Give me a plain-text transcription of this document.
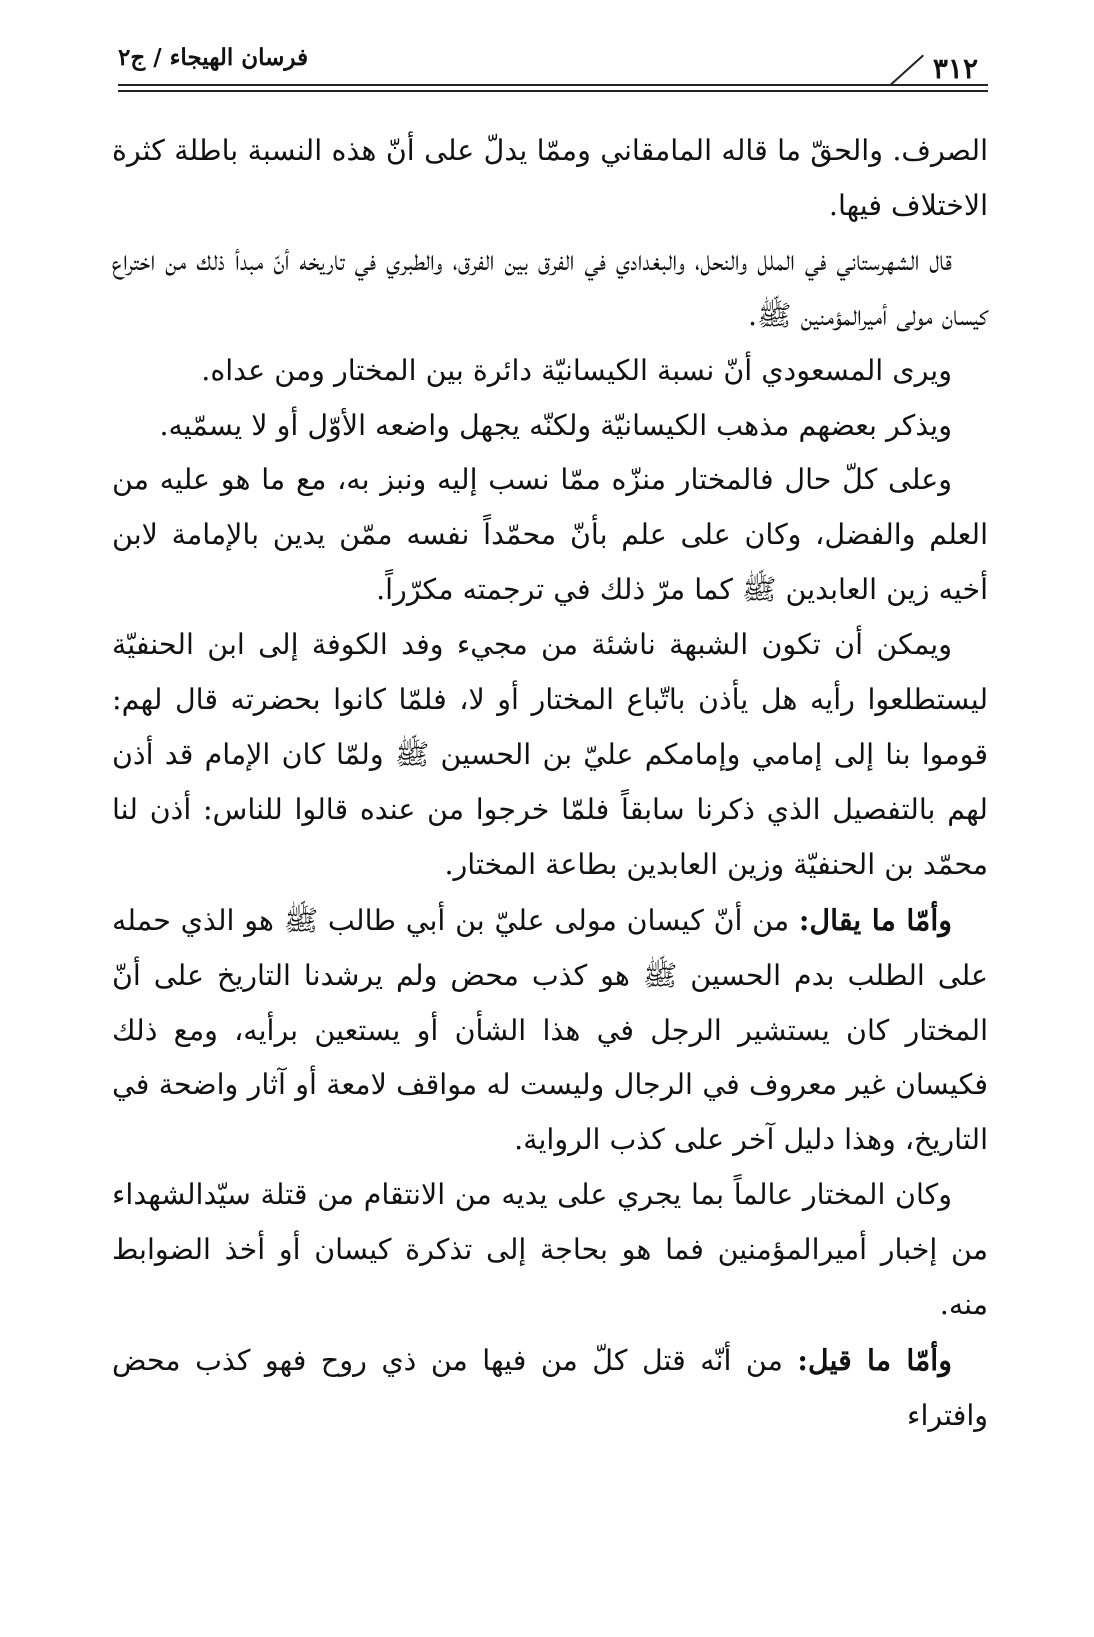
فرسان الهيجاء / ج٢	٣١٢

الصرف. والحقّ ما قاله المامقاني وممّا يدلّ على أنّ هذه النسبة باطلة كثرة الاختلاف فيها.

قال الشهرستاني في الملل والنحل، والبغدادي في الفرق بين الفرق، والطبري في تاريخه أنّ مبدأ ذلك من اختراع كيسان مولى أميرالمؤمنين ﷺ.

ويرى المسعودي أنّ نسبة الكيسانيّة دائرة بين المختار ومن عداه.

ويذكر بعضهم مذهب الكيسانيّة ولكنّه يجهل واضعه الأوّل أو لا يسمّيه.

وعلى كلّ حال فالمختار منزّه ممّا نسب إليه ونبز به، مع ما هو عليه من العلم والفضل، وكان على علم بأنّ محمّداً نفسه ممّن يدين بالإمامة لابن أخيه زين العابدين ﷺ كما مرّ ذلك في ترجمته مكرّراً.

ويمكن أن تكون الشبهة ناشئة من مجيء وفد الكوفة إلى ابن الحنفيّة ليستطلعوا رأيه هل يأذن باتّباع المختار أو لا، فلمّا كانوا بحضرته قال لهم: قوموا بنا إلى إمامي وإمامكم عليّ بن الحسين ﷺ ولمّا كان الإمام قد أذن لهم بالتفصيل الذي ذكرنا سابقاً فلمّا خرجوا من عنده قالوا للناس: أذن لنا محمّد بن الحنفيّة وزين العابدين بطاعة المختار.

وأمّا ما يقال: من أنّ كيسان مولى عليّ بن أبي طالب ﷺ هو الذي حمله على الطلب بدم الحسين ﷺ هو كذب محض ولم يرشدنا التاريخ على أنّ المختار كان يستشير الرجل في هذا الشأن أو يستعين برأيه، ومع ذلك فكيسان غير معروف في الرجال وليست له مواقف لامعة أو آثار واضحة في التاريخ، وهذا دليل آخر على كذب الرواية.

وكان المختار عالماً بما يجري على يديه من الانتقام من قتلة سيّدالشهداء من إخبار أميرالمؤمنين فما هو بحاجة إلى تذكرة كيسان أو أخذ الضوابط منه.

وأمّا ما قيل: من أنّه قتل كلّ من فيها من ذي روح فهو كذب محض وافتراء
